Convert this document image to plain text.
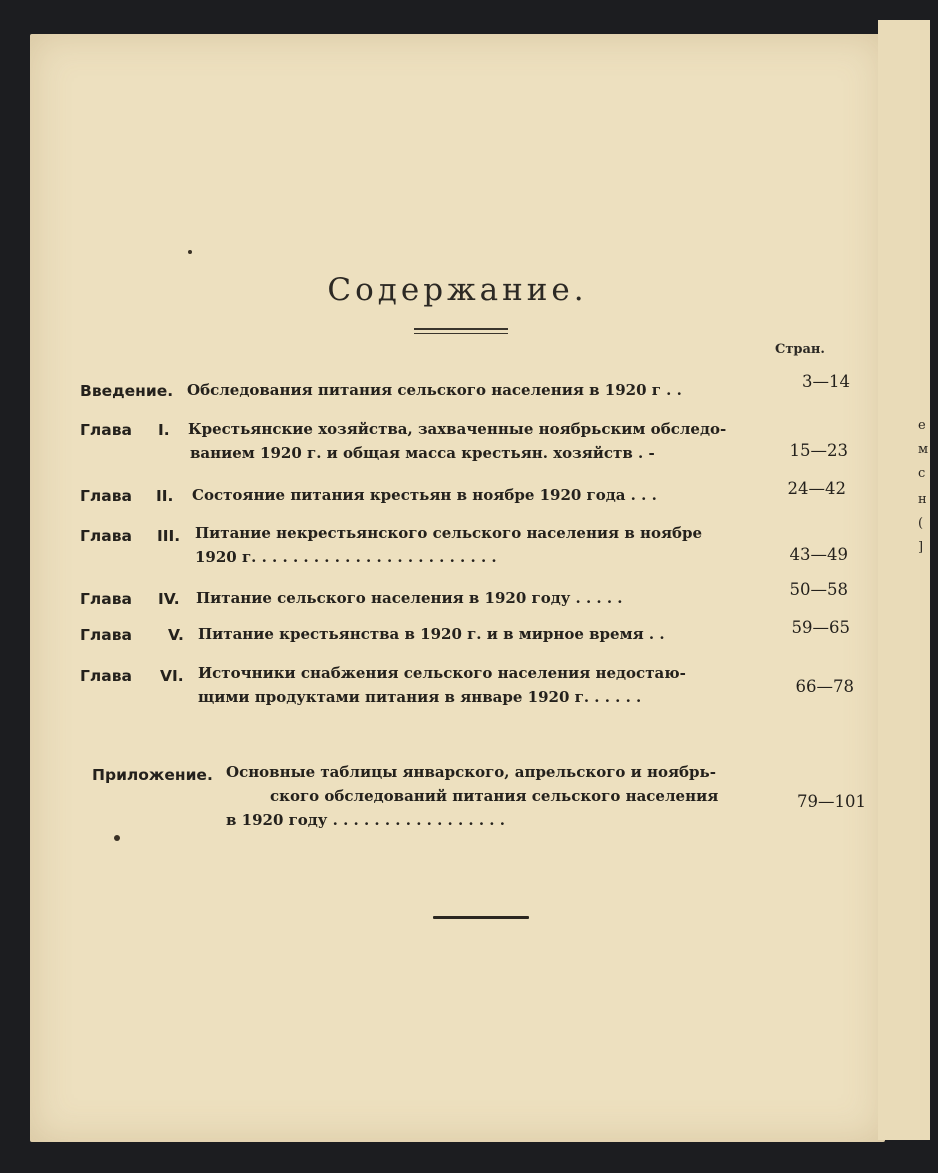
Содержание.
Стран.
Введение. Обследования питания сельского населения в 1920 г . .	3—14
Глава I. Крестьянские хозяйства, захваченные ноябрьским обследо-
ванием 1920 г. и общая масса крестьян. хозяйств . -	15—23
Глава II. Состояние питания крестьян в ноябре 1920 года . . .	24—42
Глава III. Питание некрестьянского сельского населения в ноябре
1920 г. . . . . . . . . . . . . . . . . . . . . . . .	43—49
Глава IV. Питание сельского населения в 1920 году . . . . .	50—58
Глава V. Питание крестьянства в 1920 г. и в мирное время . .	59—65
Глава VI. Источники снабжения сельского населения недостаю-
щими продуктами питания в январе 1920 г. . . . . .
66—78
Приложение. Основные таблицы январского, апрельского и ноябрь-
ского обследований питания сельского населения
в 1920 году . . . . . . . . . . . . . . . . .
79—101
е
м
с
н
(
]
